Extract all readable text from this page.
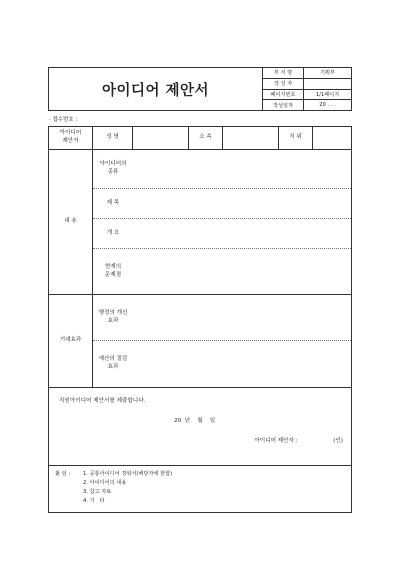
아이디어 제안서
부 서 명	기획부
작 성 자
페이지번호	1/1페이지
작성일자	20 . . .
· 접수번호 :
아이디어
제안자
성 명	소 속	직 위
내 용
아이디어의
종류
제 목
개 요
현재의
문제점
기대효과
행정의 개선
효과
예산의 절감
효과
직원아이디어 제안서를 제출합니다.
20  년    월    일
아이디어 제안자 :                    (인)
붙 임 :	1. 공통아이디어 경위서(해당자에 한함)
2. 아이디어의 내용
3. 참고 자료
4. 기   타
